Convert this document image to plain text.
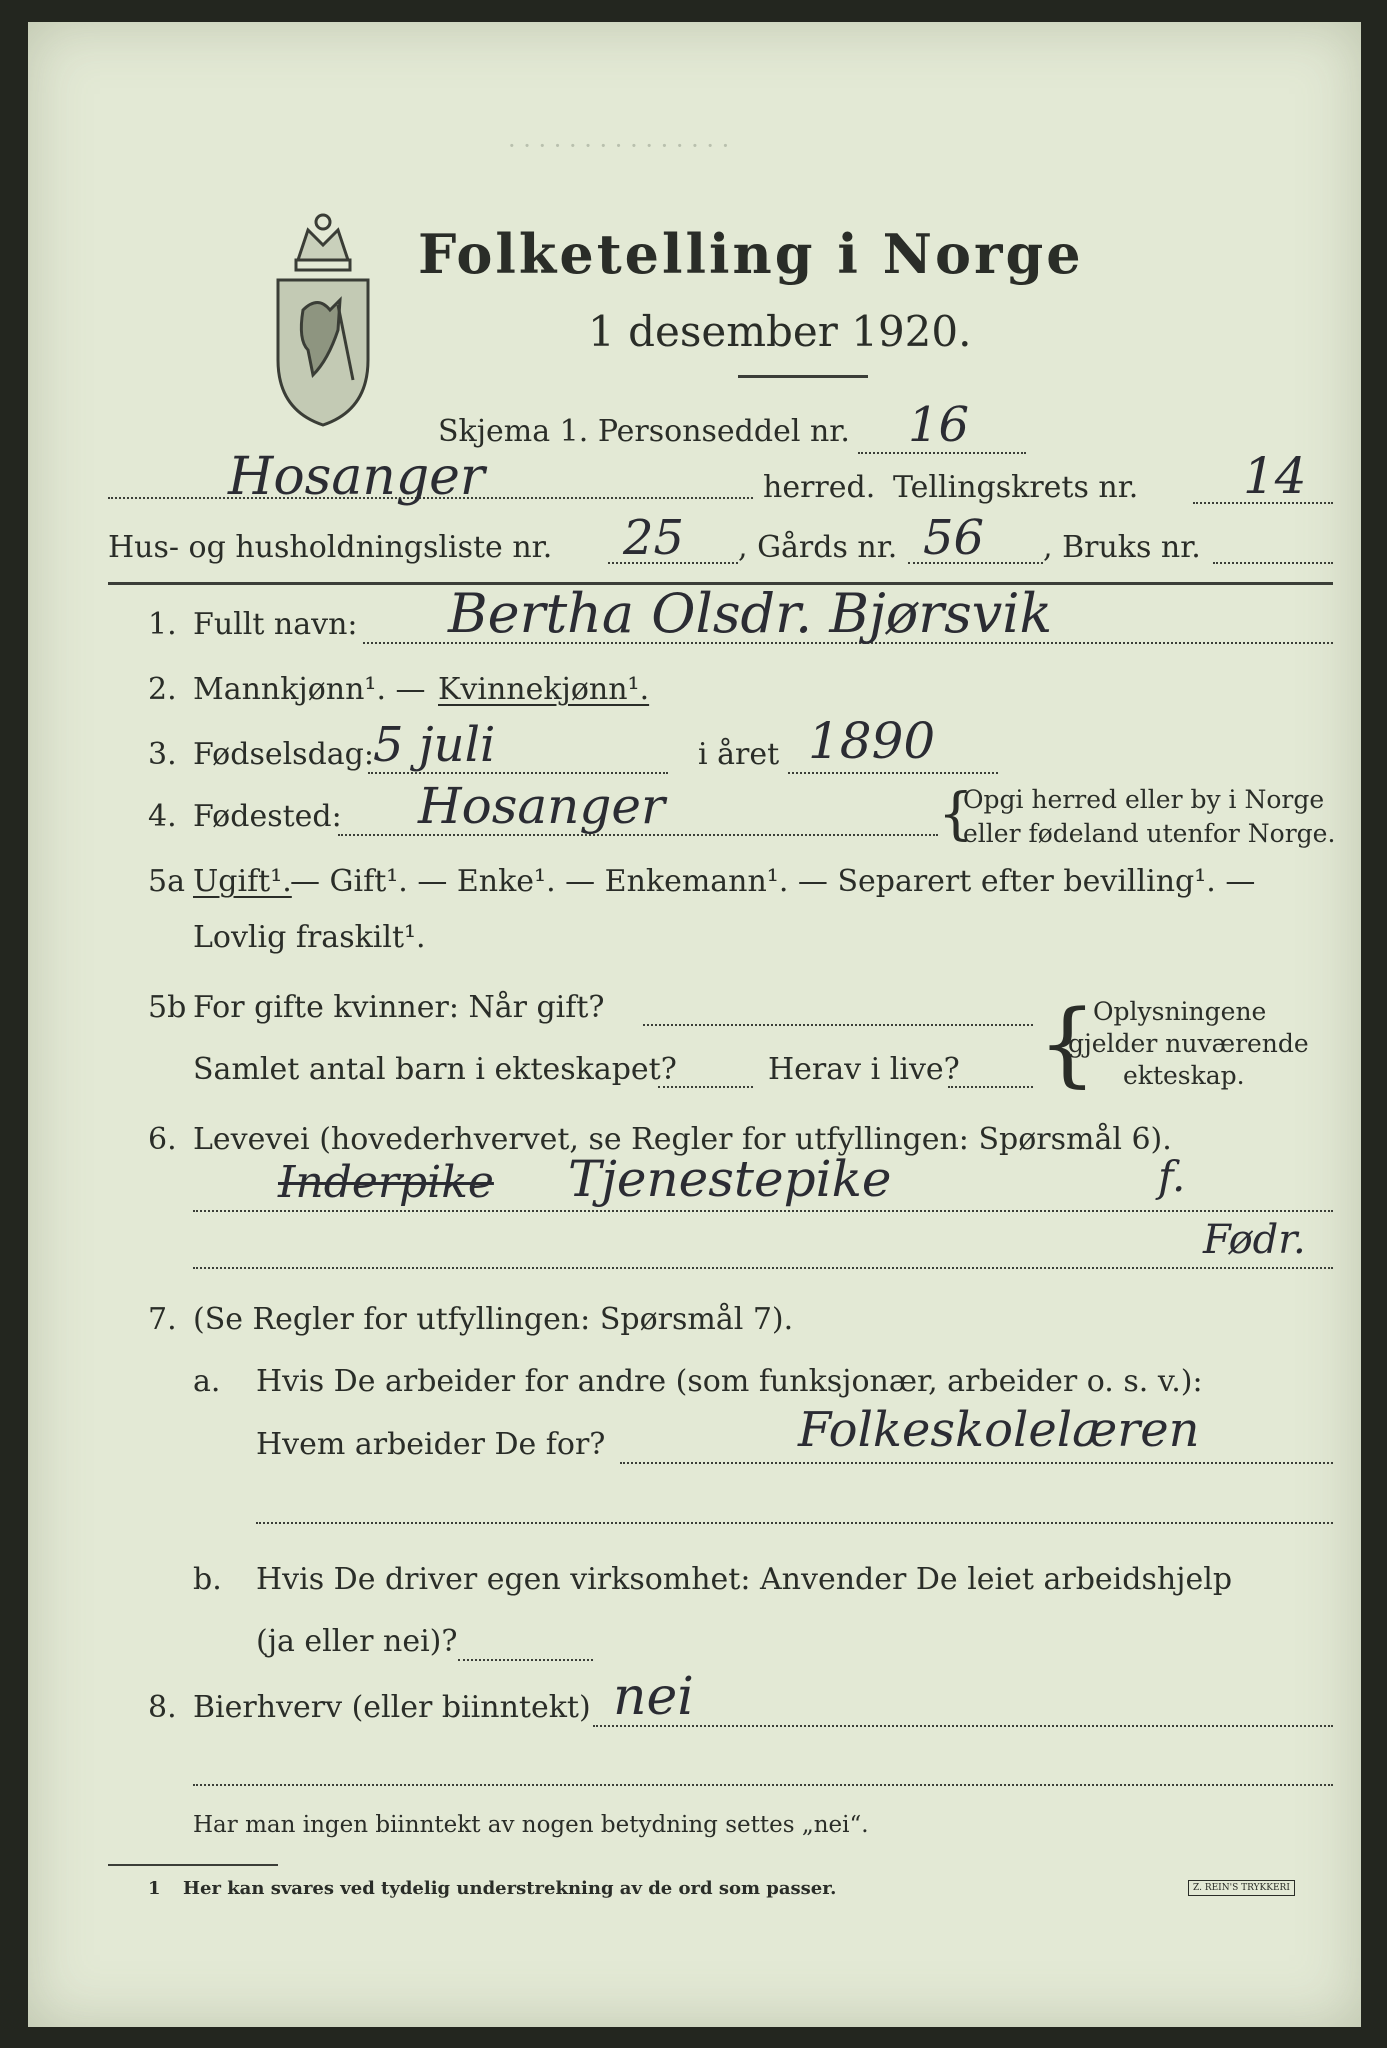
· · · · · · · · · · · · · · ·
Folketelling i Norge
1 desember 1920.
Skjema 1. Personseddel nr. 16
Hosanger	herred. Tellingskrets nr. 14
Hus- og husholdningsliste nr. 25 , Gårds nr. 56 , Bruks nr.
1. Fullt navn: Bertha Olsdr. Bjørsvik
2. Mannkjønn¹. — Kvinnekjønn¹.
3. Fødselsdag: 5 juli	i året 1890
4. Fødested: Hosanger	{
Opgi herred eller by i Norge
eller fødeland utenfor Norge.
5a Ugift¹.
— Gift¹. — Enke¹. — Enkemann¹. — Separert efter bevilling¹. —
Lovlig fraskilt¹.
5b For gifte kvinner: Når gift?
Samlet antal barn i ekteskapet?	Herav i live? {
Oplysningene
gjelder nuværende
ekteskap.
6. Levevei (hovederhvervet, se Regler for utfyllingen: Spørsmål 6).
Inderpike Tjenestepike	f.
Fødr.
7. (Se Regler for utfyllingen: Spørsmål 7).
a. Hvis De arbeider for andre (som funksjonær, arbeider o. s. v.):
Hvem arbeider De for?	Folkeskolelæren
b. Hvis De driver egen virksomhet: Anvender De leiet arbeidshjelp
(ja eller nei)?
8. Bierhverv (eller biinntekt) nei
Har man ingen biinntekt av nogen betydning settes „nei“.
1 Her kan svares ved tydelig understrekning av de ord som passer.	Z. REIN'S TRYKKERI
